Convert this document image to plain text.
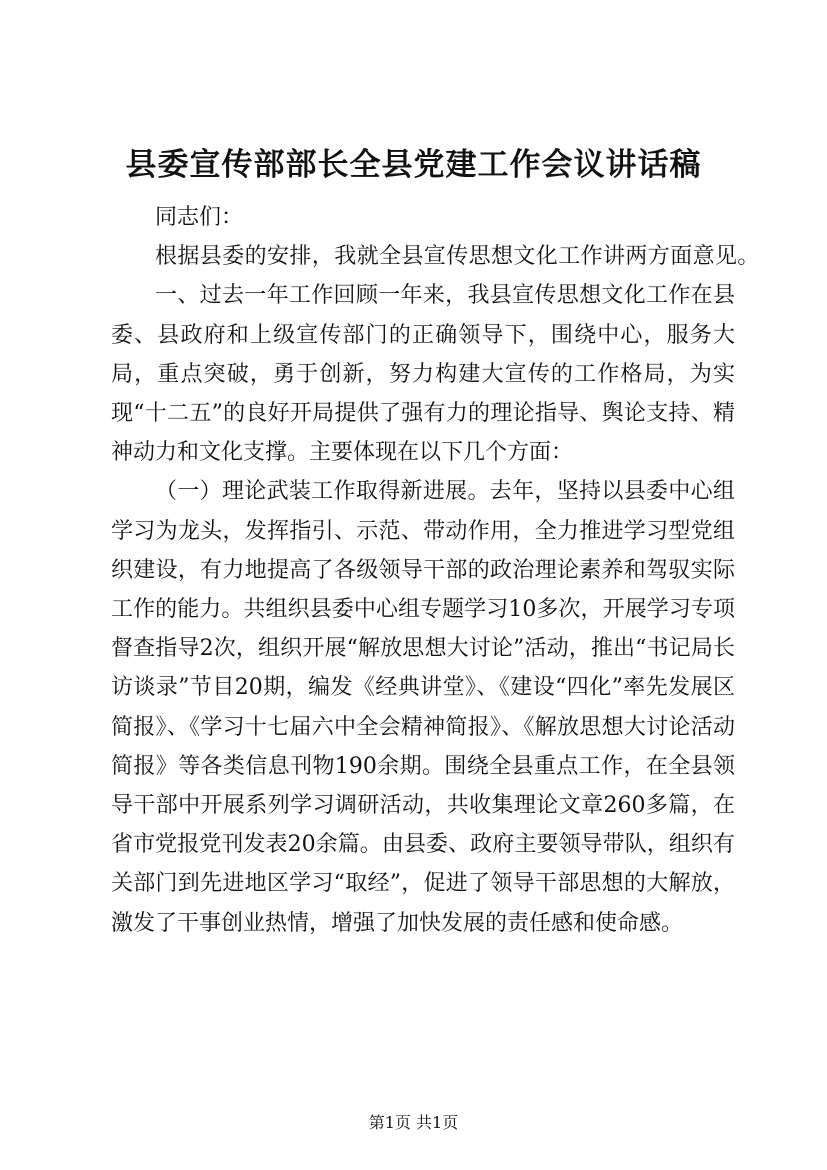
县委宣传部部长全县党建工作会议讲话稿

同志们：

根据县委的安排，我就全县宣传思想文化工作讲两方面意见。

一、过去一年工作回顾一年来，我县宣传思想文化工作在县委、县政府和上级宣传部门的正确领导下，围绕中心，服务大局，重点突破，勇于创新，努力构建大宣传的工作格局，为实现“十二五”的良好开局提供了强有力的理论指导、舆论支持、精神动力和文化支撑。主要体现在以下几个方面：

（一）理论武装工作取得新进展。去年，坚持以县委中心组学习为龙头，发挥指引、示范、带动作用，全力推进学习型党组织建设，有力地提高了各级领导干部的政治理论素养和驾驭实际工作的能力。共组织县委中心组专题学习10多次，开展学习专项督查指导2次，组织开展“解放思想大讨论”活动，推出“书记局长访谈录”节目20期，编发《经典讲堂》、《建设“四化”率先发展区简报》、《学习十七届六中全会精神简报》、《解放思想大讨论活动简报》等各类信息刊物190余期。围绕全县重点工作，在全县领导干部中开展系列学习调研活动，共收集理论文章260多篇，在省市党报党刊发表20余篇。由县委、政府主要领导带队，组织有关部门到先进地区学习“取经”，促进了领导干部思想的大解放，激发了干事创业热情，增强了加快发展的责任感和使命感。

第1页 共1页
